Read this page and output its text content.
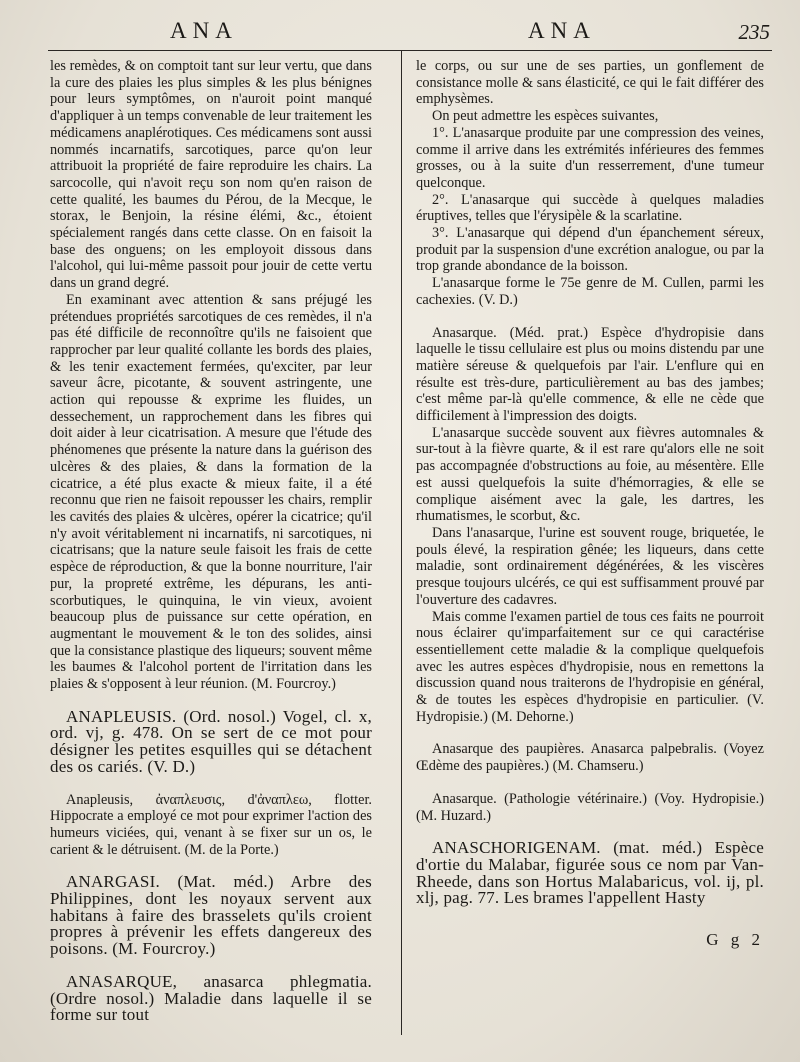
ANA	ANA	235

les remèdes, & on comptoit tant sur leur vertu, que dans la cure des plaies les plus simples & les plus bénignes pour leurs symptômes, on n'auroit point manqué d'appliquer à un temps convenable de leur traitement les médicamens anaplérotiques. Ces médicamens sont aussi nommés incarnatifs, sarcotiques, parce qu'on leur attribuoit la propriété de faire reproduire les chairs. La sarcocolle, qui n'avoit reçu son nom qu'en raison de cette qualité, les baumes du Pérou, de la Mecque, le storax, le Benjoin, la résine élémi, &c., étoient spécialement rangés dans cette classe. On en faisoit la base des onguens; on les employoit dissous dans l'alcohol, qui lui-même passoit pour jouir de cette vertu dans un grand degré.

En examinant avec attention & sans préjugé les prétendues propriétés sarcotiques de ces remèdes, il n'a pas été difficile de reconnoître qu'ils ne faisoient que rapprocher par leur qualité collante les bords des plaies, & les tenir exactement fermées, qu'exciter, par leur saveur âcre, picotante, & souvent astringente, une action qui repousse & exprime les fluides, un dessechement, un rapprochement dans les fibres qui doit aider à leur cicatrisation. A mesure que l'étude des phénomenes que présente la nature dans la guérison des ulcères & des plaies, & dans la formation de la cicatrice, a été plus exacte & mieux faite, il a été reconnu que rien ne faisoit repousser les chairs, remplir les cavités des plaies & ulcères, opérer la cicatrice; qu'il n'y avoit véritablement ni incarnatifs, ni sarcotiques, ni cicatrisans; que la nature seule faisoit les frais de cette espèce de réproduction, & que la bonne nourriture, l'air pur, la propreté extrême, les dépurans, les anti-scorbutiques, le quinquina, le vin vieux, avoient beaucoup plus de puissance sur cette opération, en augmentant le mouvement & le ton des solides, ainsi que la consistance plastique des liqueurs; souvent même les baumes & l'alcohol portent de l'irritation dans les plaies & s'opposent à leur réunion. (M. Fourcroy.)

ANAPLEUSIS. (Ord. nosol.) Vogel, cl. x, ord. vj, g. 478. On se sert de ce mot pour désigner les petites esquilles qui se détachent des os cariés. (V. D.)

Anapleusis, ἀναπλευσις, d'ἀναπλεω, flotter. Hippocrate a employé ce mot pour exprimer l'action des humeurs viciées, qui, venant à se fixer sur un os, le carient & le détruisent. (M. de la Porte.)

ANARGASI. (Mat. méd.) Arbre des Philippines, dont les noyaux servent aux habitans à faire des brasselets qu'ils croient propres à prévenir les effets dangereux des poisons. (M. Fourcroy.)

ANASARQUE, anasarca phlegmatia. (Ordre nosol.) Maladie dans laquelle il se forme sur tout

le corps, ou sur une de ses parties, un gonflement de consistance molle & sans élasticité, ce qui le fait différer des emphysèmes.

On peut admettre les espèces suivantes,

1°. L'anasarque produite par une compression des veines, comme il arrive dans les extrémités inférieures des femmes grosses, ou à la suite d'un resserrement, d'une tumeur quelconque.

2°. L'anasarque qui succède à quelques maladies éruptives, telles que l'érysipèle & la scarlatine.

3°. L'anasarque qui dépend d'un épanchement séreux, produit par la suspension d'une excrétion analogue, ou par la trop grande abondance de la boisson.

L'anasarque forme le 75e genre de M. Cullen, parmi les cachexies. (V. D.)

Anasarque. (Méd. prat.) Espèce d'hydropisie dans laquelle le tissu cellulaire est plus ou moins distendu par une matière séreuse & quelquefois par l'air. L'enflure qui en résulte est très-dure, particulièrement au bas des jambes; c'est même par-là qu'elle commence, & elle ne cède que difficilement à l'impression des doigts.

L'anasarque succède souvent aux fièvres automnales & sur-tout à la fièvre quarte, & il est rare qu'alors elle ne soit pas accompagnée d'obstructions au foie, au mésentère. Elle est aussi quelquefois la suite d'hémorragies, & elle se complique aisément avec la gale, les dartres, les rhumatismes, le scorbut, &c.

Dans l'anasarque, l'urine est souvent rouge, briquetée, le pouls élevé, la respiration gênée; les liqueurs, dans cette maladie, sont ordinairement dégénérées, & les viscères presque toujours ulcérés, ce qui est suffisamment prouvé par l'ouverture des cadavres.

Mais comme l'examen partiel de tous ces faits ne pourroit nous éclairer qu'imparfaitement sur ce qui caractérise essentiellement cette maladie & la complique quelquefois avec les autres espèces d'hydropisie, nous en remettons la discussion quand nous traiterons de l'hydropisie en général, & de toutes les espèces d'hydropisie en particulier. (V. Hydropisie.) (M. Dehorne.)

Anasarque des paupières. Anasarca palpebralis. (Voyez Œdème des paupières.) (M. Chamseru.)

Anasarque. (Pathologie vétérinaire.) (Voy. Hydropisie.) (M. Huzard.)

ANASCHORIGENAM. (mat. méd.) Espèce d'ortie du Malabar, figurée sous ce nom par Van-Rheede, dans son Hortus Malabaricus, vol. ij, pl. xlj, pag. 77. Les brames l'appellent Hasty

G g 2
